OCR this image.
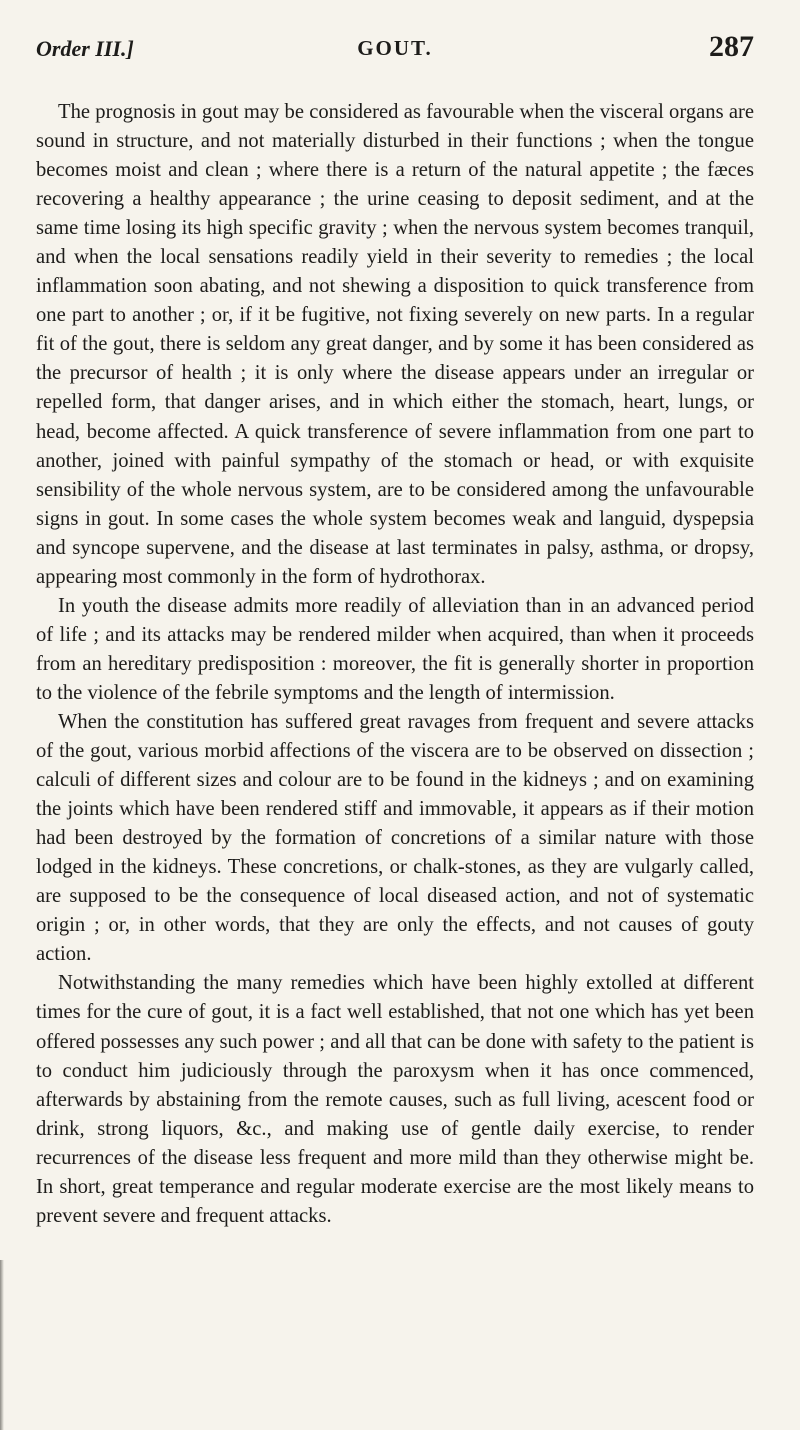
Order III.]	GOUT.	287

The prognosis in gout may be considered as favourable when the visceral organs are sound in structure, and not materially disturbed in their functions ; when the tongue becomes moist and clean ; where there is a return of the natural appetite ; the fæces recovering a healthy appearance ; the urine ceasing to deposit sediment, and at the same time losing its high specific gravity ; when the nervous system becomes tranquil, and when the local sensations readily yield in their severity to remedies ; the local inflammation soon abating, and not shewing a disposition to quick transference from one part to another ; or, if it be fugitive, not fixing severely on new parts. In a regular fit of the gout, there is seldom any great danger, and by some it has been considered as the precursor of health ; it is only where the disease appears under an irregular or repelled form, that danger arises, and in which either the stomach, heart, lungs, or head, become affected. A quick transference of severe inflammation from one part to another, joined with painful sympathy of the stomach or head, or with exquisite sensibility of the whole nervous system, are to be considered among the unfavourable signs in gout. In some cases the whole system becomes weak and languid, dyspepsia and syncope supervene, and the disease at last terminates in palsy, asthma, or dropsy, appearing most commonly in the form of hydrothorax.

In youth the disease admits more readily of alleviation than in an advanced period of life ; and its attacks may be rendered milder when acquired, than when it proceeds from an hereditary predisposition : moreover, the fit is generally shorter in proportion to the violence of the febrile symptoms and the length of intermission.

When the constitution has suffered great ravages from frequent and severe attacks of the gout, various morbid affections of the viscera are to be observed on dissection ; calculi of different sizes and colour are to be found in the kidneys ; and on examining the joints which have been rendered stiff and immovable, it appears as if their motion had been destroyed by the formation of concretions of a similar nature with those lodged in the kidneys. These concretions, or chalk-stones, as they are vulgarly called, are supposed to be the consequence of local diseased action, and not of systematic origin ; or, in other words, that they are only the effects, and not causes of gouty action.

Notwithstanding the many remedies which have been highly extolled at different times for the cure of gout, it is a fact well established, that not one which has yet been offered possesses any such power ; and all that can be done with safety to the patient is to conduct him judiciously through the paroxysm when it has once commenced, afterwards by abstaining from the remote causes, such as full living, acescent food or drink, strong liquors, &c., and making use of gentle daily exercise, to render recurrences of the disease less frequent and more mild than they otherwise might be. In short, great temperance and regular moderate exercise are the most likely means to prevent severe and frequent attacks.
